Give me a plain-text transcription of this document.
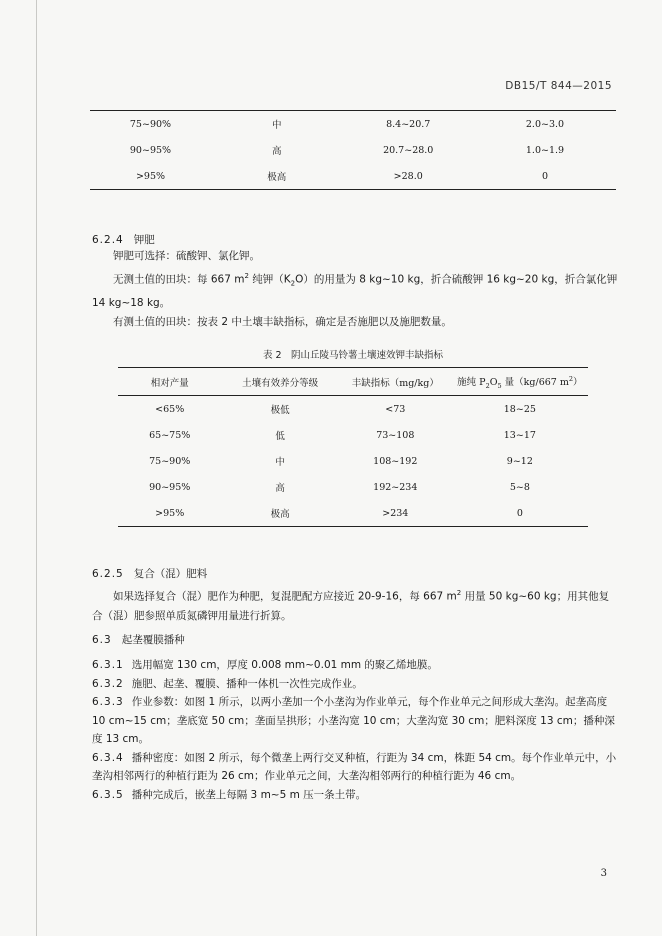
DB15/T 844—2015
75~90%	中	8.4~20.7	2.0~3.0
90~95%	高	20.7~28.0	1.0~1.9
>95%	极高	>28.0	0
6.2.4 钾肥
钾肥可选择：硫酸钾、氯化钾。
无测土值的田块：每 667 $m^2$ 纯钾$(K_2O)$的用量为 8 kg~10 kg，折合硫酸钾 16 kg~20 kg，折合氯化钾 14 kg~18 kg。
有测土值的田块：按表 2 中土壤丰缺指标，确定是否施肥以及施肥数量。
表 2　阴山丘陵马铃薯土壤速效钾丰缺指标
相对产量	土壤有效养分等级	丰缺指标（mg/kg）	施纯 $P_2O_5$ 量（kg/667 $m^2$）
<65%	极低	<73	18~25
65~75%	低	73~108	13~17
75~90%	中	108~192	9~12
90~95%	高	192~234	5~8
>95%	极高	>234	0
6.2.5 复合（混）肥料
如果选择复合（混）肥作为种肥，复混肥配方应接近 20-9-16，每 667 $m^2$ 用量 50 kg~60 kg；用其他复合（混）肥参照单质氮磷钾用量进行折算。
6.3 起垄覆膜播种
6.3.1 选用幅宽 130 cm，厚度 0.008 mm~0.01 mm 的聚乙烯地膜。
6.3.2 施肥、起垄、覆膜、播种一体机一次性完成作业。
6.3.3 作业参数：如图 1 所示，以两小垄加一个小垄沟为作业单元，每个作业单元之间形成大垄沟。起垄高度 10 cm~15 cm；垄底宽 50 cm；垄面呈拱形；小垄沟宽 10 cm；大垄沟宽 30 cm；肥料深度 13 cm；播种深度 13 cm。
6.3.4 播种密度：如图 2 所示，每个微垄上两行交叉种植，行距为 34 cm，株距 54 cm。每个作业单元中，小垄沟相邻两行的种植行距为 26 cm；作业单元之间，大垄沟相邻两行的种植行距为 46 cm。
6.3.5 播种完成后，嵌垄上每隔 3 m~5 m 压一条土带。
3
